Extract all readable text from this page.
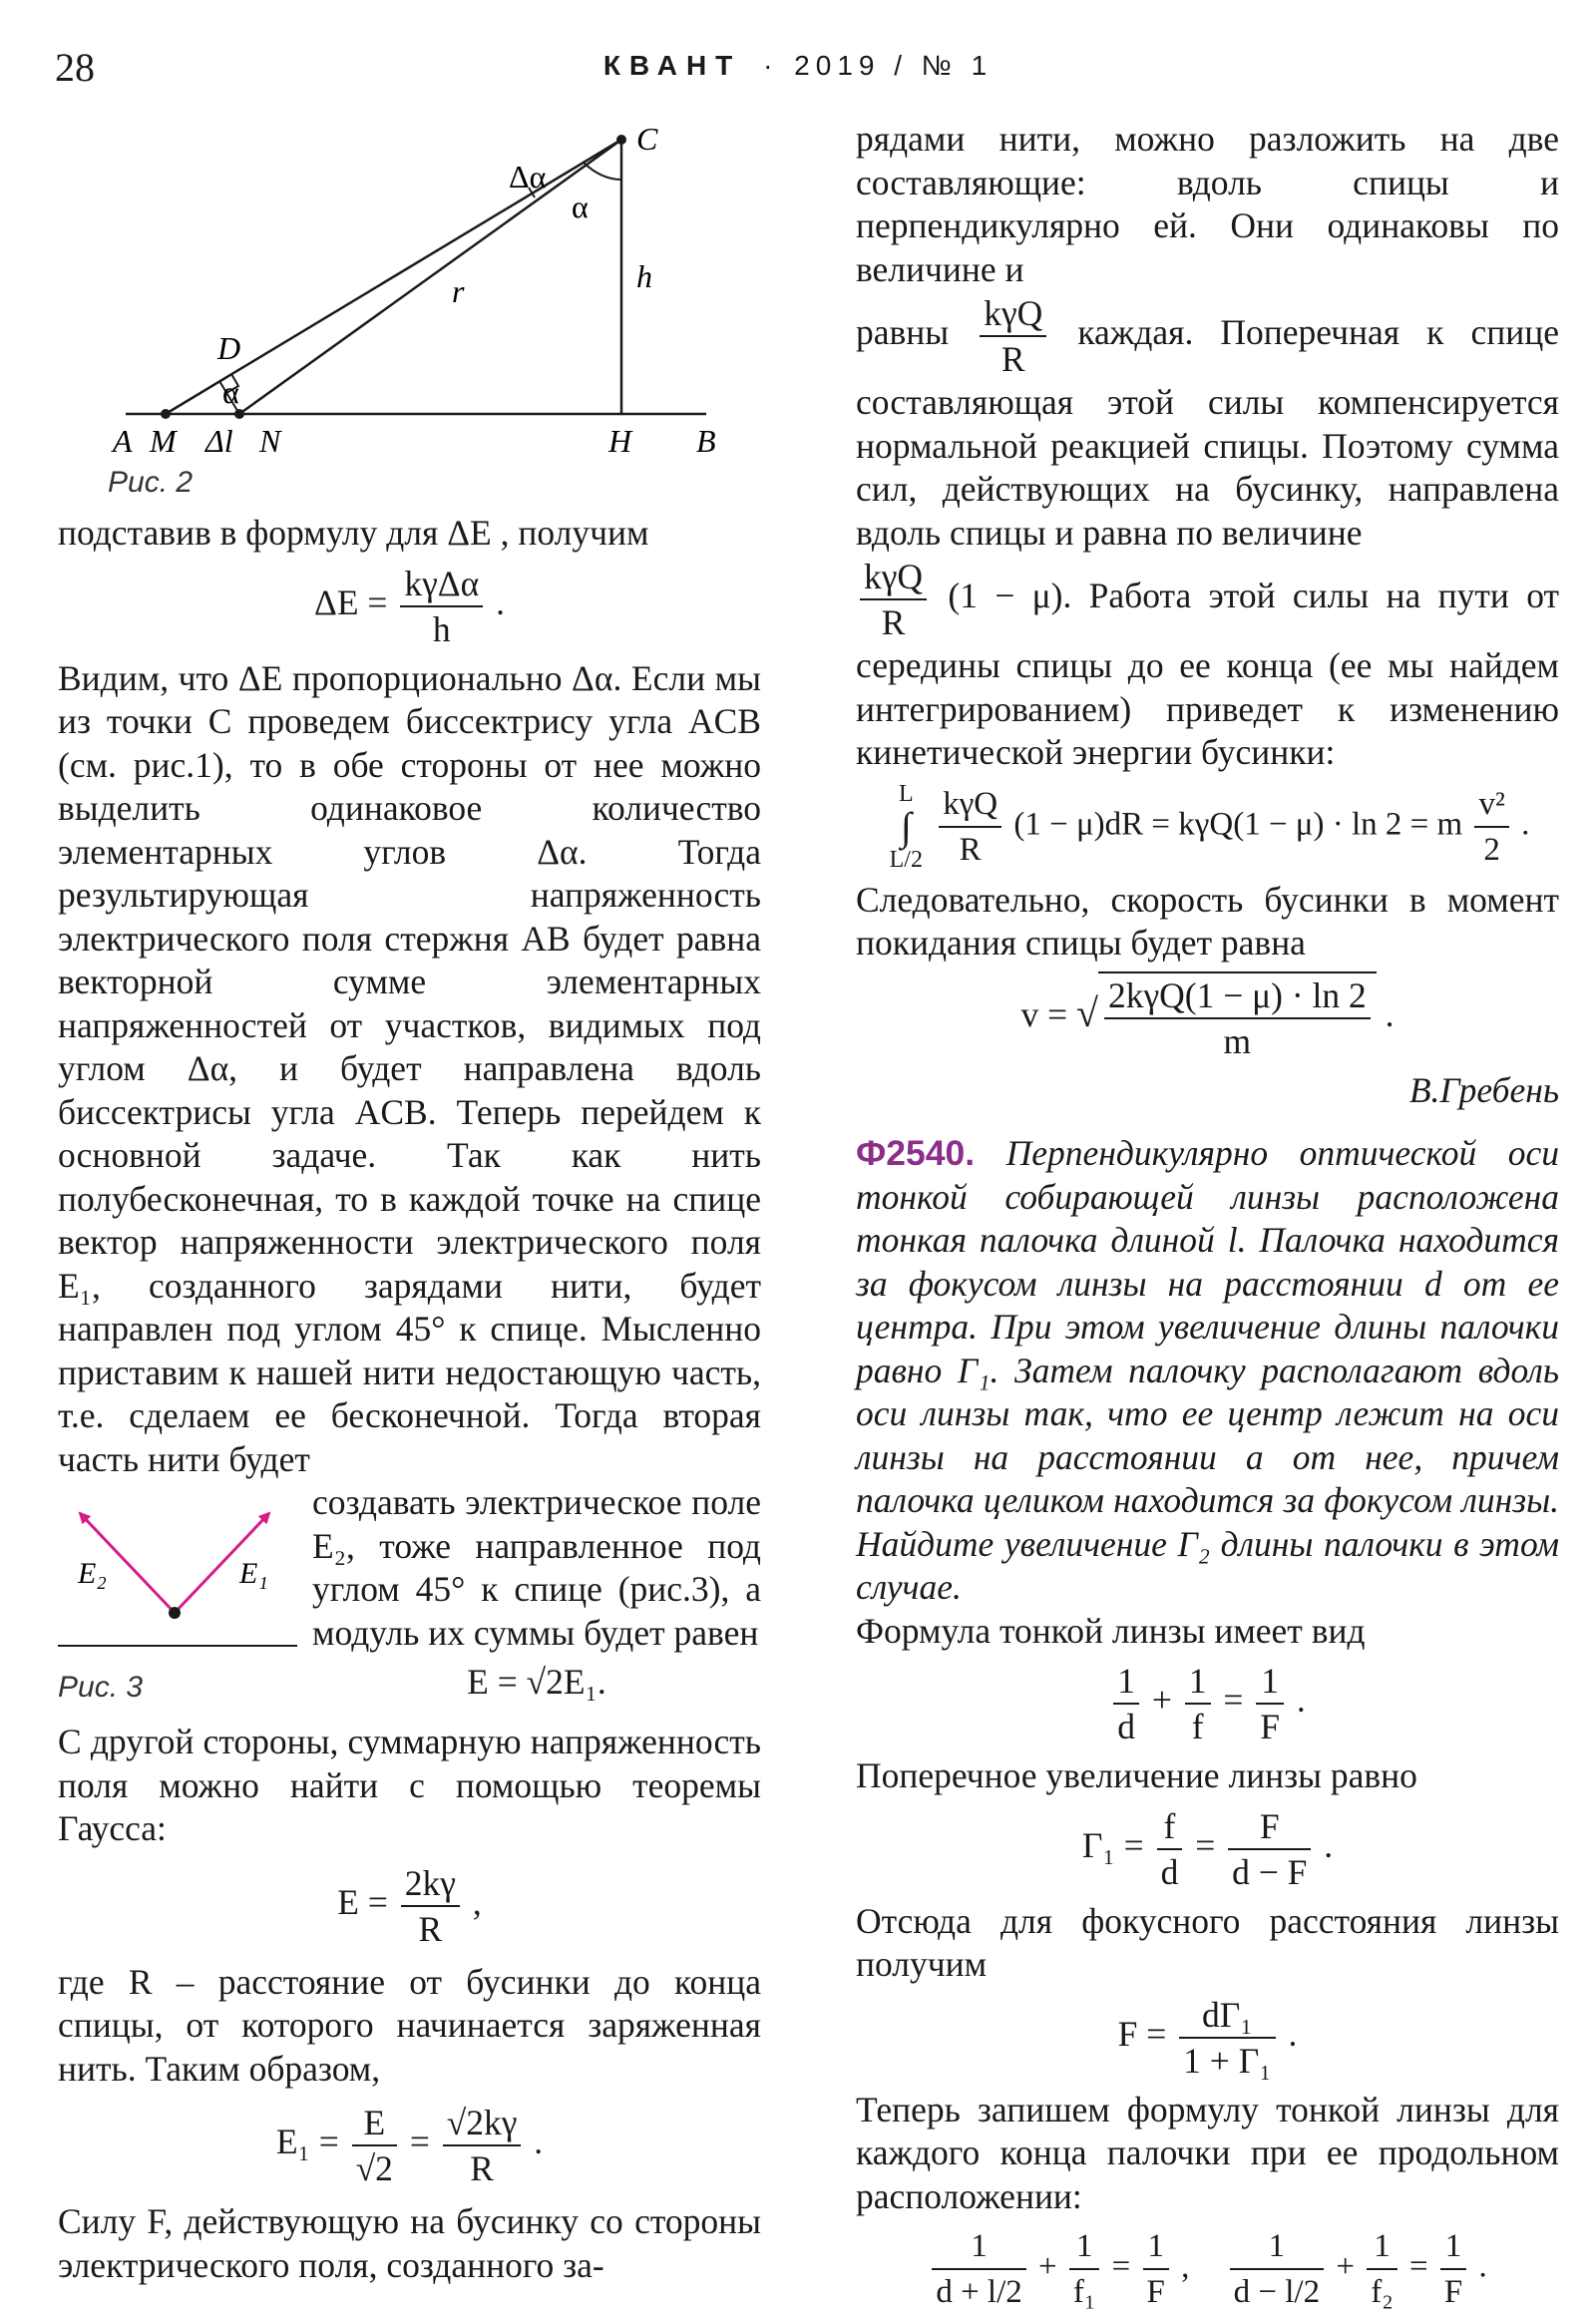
28	КВАНТ · 2019 / № 1
C
Δα
α
h
r
D
α
A M Δl N	H B
Рис. 2

подставив в формулу для ΔE , получим

ΔE = kγΔα
h
.

Видим, что ΔE пропорционально Δα. Если мы из точки C проведем биссектрису угла ACB (см. рис.1), то в обе стороны от нее можно выделить одинаковое количество элементарных углов Δα. Тогда результирующая напряженность электрического поля стержня AB будет равна векторной сумме элементарных напряженностей от участков, видимых под углом Δα, и будет направлена вдоль биссектрисы угла ACB. Теперь перейдем к основной задаче. Так как нить полубесконечная, то в каждой точке на спице вектор напряженности электрического поля E₁, созданного зарядами нити, будет направлен под углом 45° к спице. Мысленно приставим к нашей нити недостающую часть, т.е. сделаем ее бесконечной. Тогда вторая часть нити будет

E₂	E₁
Рис. 3
создавать электрическое поле E₂, тоже направленное под углом 45° к спице (рис.3), а модуль их суммы будет равен
E = √2E₁.

С другой стороны, суммарную напряженность поля можно найти с помощью теоремы Гаусса:

$E = \frac{2k\gamma}{R}$ ,

где R – расстояние от бусинки до конца спицы, от которого начинается заряженная нить. Таким образом,

$E_1 = \frac{E}{√2} = \frac{√2k\gamma}{R}$ .

Силу F, действующую на бусинку со стороны электрического поля, созданного за-

рядами нити, можно разложить на две составляющие: вдоль спицы и перпендикулярно ей. Они одинаковы по величине и

равны kγQ
R
каждая. Поперечная к спице составляющая этой силы компенсируется нормальной реакцией спицы. Поэтому сумма сил, действующих на бусинку, направлена вдоль спицы и равна по величине

kγQ
R
(1 − μ). Работа этой силы на пути от середины спицы до ее конца (ее мы найдем интегрированием) приведет к изменению кинетической энергии бусинки:

L
∫
L/2

kγQ
R
(1 − μ)dR = kγQ(1 − μ) · ln 2 = m $\frac{\text{v²}}{2}$ .

Следовательно, скорость бусинки в момент покидания спицы будет равна

v = √ 2kγQ(1 − μ) · ln 2
m
.
В.Гребень

Ф2540. Перпендикулярно оптической оси тонкой собирающей линзы расположена тонкая палочка длиной l. Палочка находится за фокусом линзы на расстоянии d от ее центра. При этом увеличение длины палочки равно Γ₁. Затем палочку располагают вдоль оси линзы так, что ее центр лежит на оси линзы на расстоянии a от нее, причем палочка целиком находится за фокусом линзы. Найдите увеличение Γ₂ длины палочки в этом случае.

Формула тонкой линзы имеет вид

$\frac{1}{d} + \frac{1}{f} = \frac{1}{F}$ .

Поперечное увеличение линзы равно

$\Gamma_1 = \frac{f}{d} = \frac{F}{d - F}$ .

Отсюда для фокусного расстояния линзы получим

$F = \frac{\text{dΓ₁}}{\text{1 + Γ₁}}$ .

Теперь запишем формулу тонкой линзы для каждого конца палочки при ее продольном расположении:

$\frac{1}{d + l/2} + \frac{1}{\text{f₁}} = \frac{1}{F}$ , $\frac{1}{d - l/2} + \frac{1}{\text{f₂}} = \frac{1}{F}$ .
